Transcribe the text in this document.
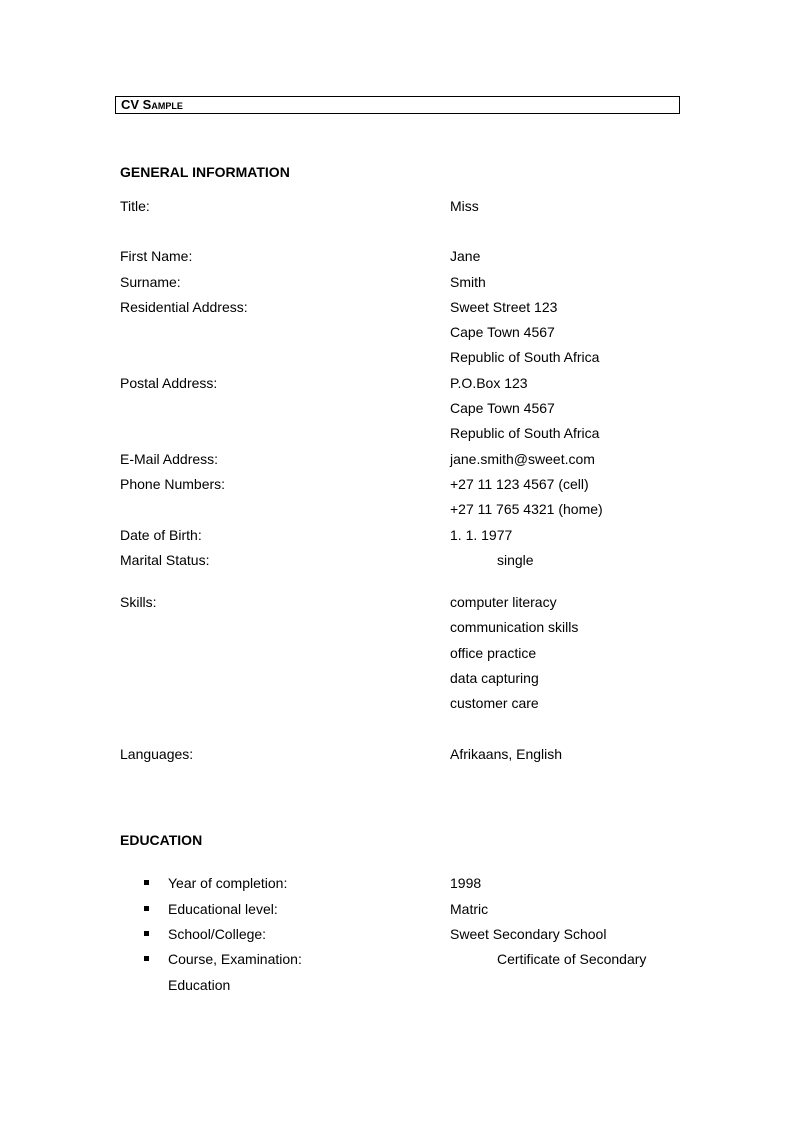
CV Sample
GENERAL INFORMATION
Title:	Miss
First Name:	Jane
Surname:	Smith
Residential Address:	Sweet Street 123
Cape Town 4567
Republic of South Africa
Postal Address:	P.O.Box 123
Cape Town 4567
Republic of South Africa
E-Mail Address:	jane.smith@sweet.com
Phone Numbers:	+27 11 123 4567 (cell)
+27 11 765 4321 (home)
Date of Birth:	1. 1. 1977
Marital Status:	single
Skills:	computer literacy
communication skills
office practice
data capturing
customer care
Languages:	Afrikaans, English
EDUCATION
Year of completion:	1998
Educational level:	Matric
School/College:	Sweet Secondary School
Course, Examination:	Certificate of Secondary
Education
